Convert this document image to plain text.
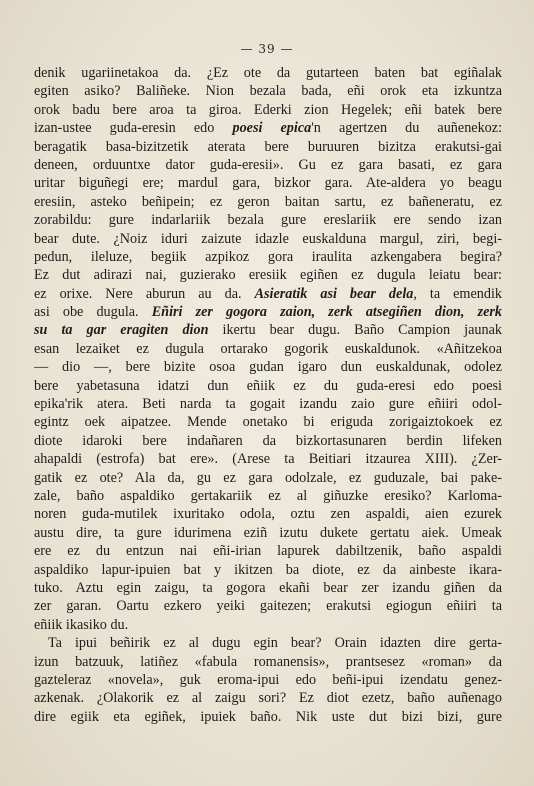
— 39 —
denik ugariinetakoa da. ¿Ez ote da gutarteen baten bat egiñalak
egiten asiko? Baliñeke. Nion bezala bada, eñi orok eta izkuntza
orok badu bere aroa ta giroa. Ederki zion Hegelek; eñi batek bere
izan-ustee guda-eresin edo poesi epica'n agertzen du auñenekoz:
beragatik basa-bizitzetik aterata bere buruuren bizitza erakutsi-gai
deneen, orduuntxe dator guda-eresii». Gu ez gara basati, ez gara
uritar biguñegi ere; mardul gara, bizkor gara. Ate-aldera yo beagu
eresiin, asteko beñipein; ez geron baitan sartu, ez bañeneratu, ez
zorabildu: gure indarlariik bezala gure ereslariik ere sendo izan
bear dute. ¿Noiz iduri zaizute idazle euskalduna margul, ziri, begi-
pedun, ileluze, begiik azpikoz gora iraulita azkengabera begira?
Ez dut adirazi nai, guzierako eresiik egiñen ez dugula leiatu bear:
ez orixe. Nere aburun au da. Asieratik asi bear dela, ta emendik
asi obe dugula. Eñiri zer gogora zaion, zerk atsegiñen dion, zerk
su ta gar eragiten dion ikertu bear dugu. Baño Campion jaunak
esan lezaiket ez dugula ortarako gogorik euskaldunok. «Añitzekoa
— dio —, bere bizite osoa gudan igaro dun euskaldunak, odolez
bere yabetasuna idatzi dun eñiik ez du guda-eresi edo poesi
epika'rik atera. Beti narda ta gogait izandu zaio gure eñiiri odol-
egintz oek aipatzee. Mende onetako bi eriguda zorigaiztokoek ez
diote idaroki bere indañaren da bizkortasunaren berdin lifeken
ahapaldi (estrofa) bat ere». (Arese ta Beitiari itzaurea XIII). ¿Zer-
gatik ez ote? Ala da, gu ez gara odolzale, ez guduzale, bai pake-
zale, baño aspaldiko gertakariik ez al giñuzke eresiko? Karloma-
noren guda-mutilek ixuritako odola, oztu zen aspaldi, aien ezurek
austu dire, ta gure idurimena eziñ izutu dukete gertatu aiek. Umeak
ere ez du entzun nai eñi-irian lapurek dabiltzenik, baño aspaldi
aspaldiko lapur-ipuien bat y ikitzen ba diote, ez da ainbeste ikara-
tuko. Aztu egin zaigu, ta gogora ekañi bear zer izandu giñen da
zer garan. Oartu ezkero yeiki gaitezen; erakutsi egiogun eñiiri ta
eñiik ikasiko du.
Ta ipui beñirik ez al dugu egin bear? Orain idazten dire gerta-
izun batzuuk, latiñez «fabula romanensis», prantsesez «roman» da
gazteleraz «novela», guk eroma-ipui edo beñi-ipui izendatu genez-
azkenak. ¿Olakorik ez al zaigu sori? Ez diot ezetz, baño auñenago
dire egiik eta egiñek, ipuiek baño. Nik uste dut bizi bizi, gure
